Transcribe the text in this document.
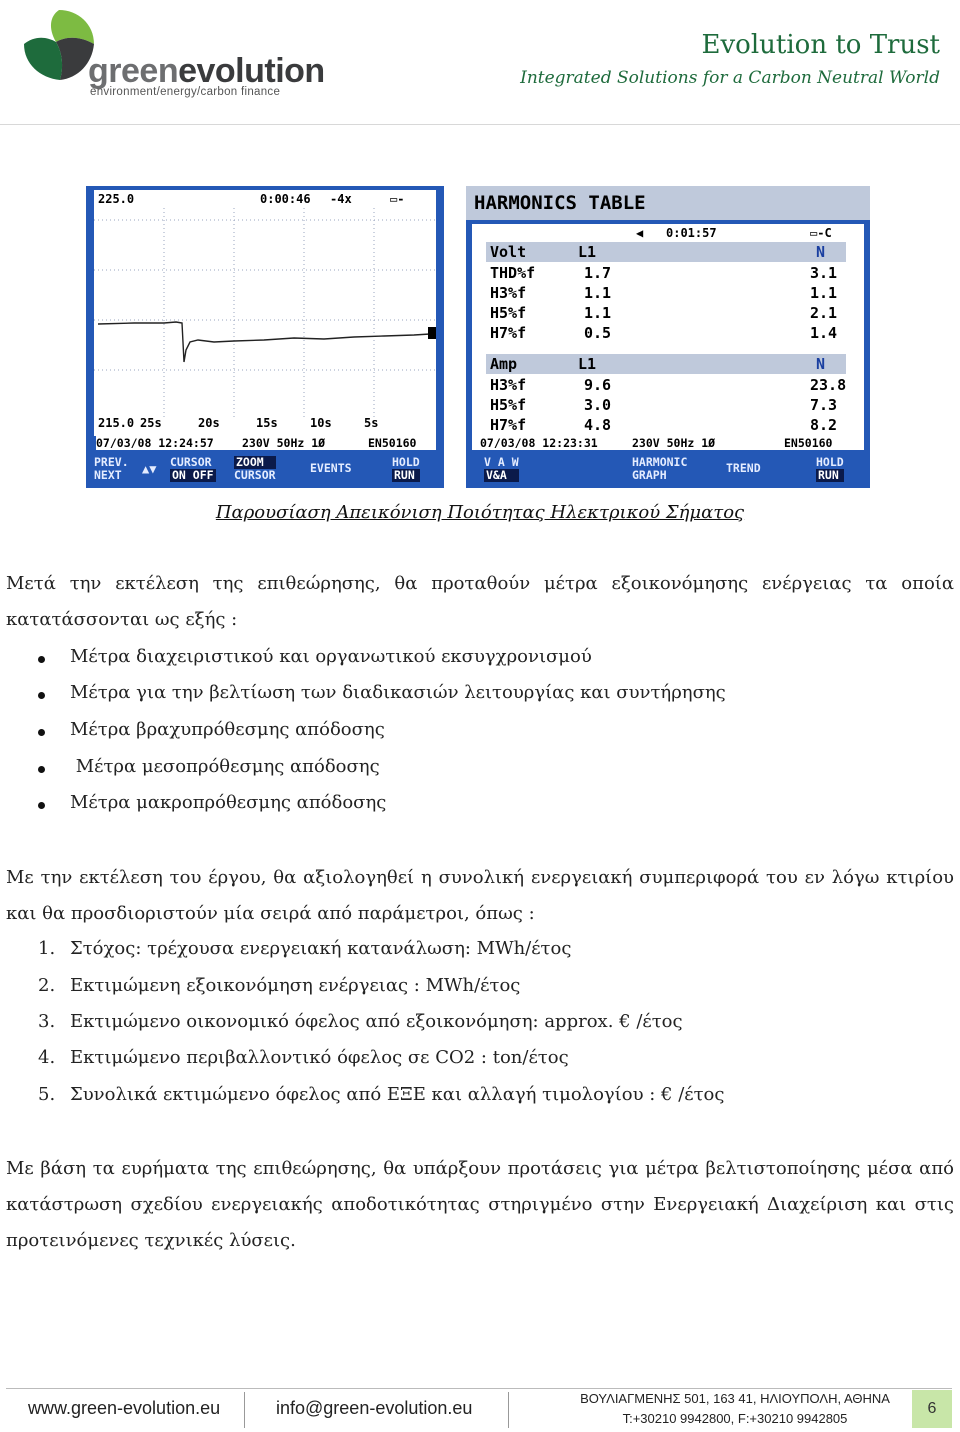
greenevolution
environment/energy/carbon finance
Evolution to Trust
Integrated Solutions for a Carbon Neutral World
225.0	0:00:46 -4x	▭-
215.0 25s	20s	15s	10s	5s
07/03/08 12:24:57 230V 50Hz 1Ø	EN50160
PREV.
NEXT	▲▼ CURSOR
ON OFF
ZOOM
CURSOR	EVENTS	HOLD
RUN
HARMONICS TABLE
◀ 0:01:57	▭-C
Volt	L1	N
THD%f	1.7	3.1
H3%f	1.1	1.1
H5%f	1.1	2.1
H7%f	0.5	1.4
Amp	L1	N
H3%f	9.6	23.8
H5%f	3.0	7.3
H7%f	4.8	8.2
07/03/08 12:23:31	230V 50Hz 1Ø	EN50160
V A W
V&A
HARMONIC
GRAPH	TREND	HOLD
RUN
Παρουσίαση Απεικόνιση Ποιότητας Ηλεκτρικού Σήματος
Μετά την εκτέλεση της επιθεώρησης, θα προταθούν μέτρα εξοικονόμησης ενέργειας τα οποία κατατάσσονται ως εξής :
Μέτρα διαχειριστικού και οργανωτικού εκσυγχρονισμού
Μέτρα για την βελτίωση των διαδικασιών λειτουργίας και συντήρησης
Μέτρα βραχυπρόθεσμης απόδοσης
Μέτρα μεσοπρόθεσμης απόδοσης
Μέτρα μακροπρόθεσμης απόδοσης
Με την εκτέλεση του έργου, θα αξιολογηθεί η συνολική ενεργειακή συμπεριφορά του εν λόγω κτιρίου και θα προσδιοριστούν μία σειρά από παράμετροι, όπως :
1. Στόχος: τρέχουσα ενεργειακή κατανάλωση: MWh/έτος
2. Εκτιμώμενη εξοικονόμηση ενέργειας : MWh/έτος
3. Εκτιμώμενο οικονομικό όφελος από εξοικονόμηση: approx. € /έτος
4. Εκτιμώμενο περιβαλλοντικό όφελος σε CO2 : ton/έτος
5. Συνολικά εκτιμώμενο όφελος από ΕΞΕ και αλλαγή τιμολογίου : € /έτος
Με βάση τα ευρήματα της επιθεώρησης, θα υπάρξουν προτάσεις για μέτρα βελτιστοποίησης μέσα από κατάστρωση σχεδίου ενεργειακής αποδοτικότητας στηριγμένο στην Ενεργειακή Διαχείριση και στις προτεινόμενες τεχνικές λύσεις.
www.green-evolution.eu	info@green-evolution.eu	ΒΟΥΛΙΑΓΜΕΝΗΣ 501, 163 41, ΗΛΙΟΥΠΟΛΗ, ΑΘΗΝΑ
T:+30210 9942800, F:+30210 9942805
6
